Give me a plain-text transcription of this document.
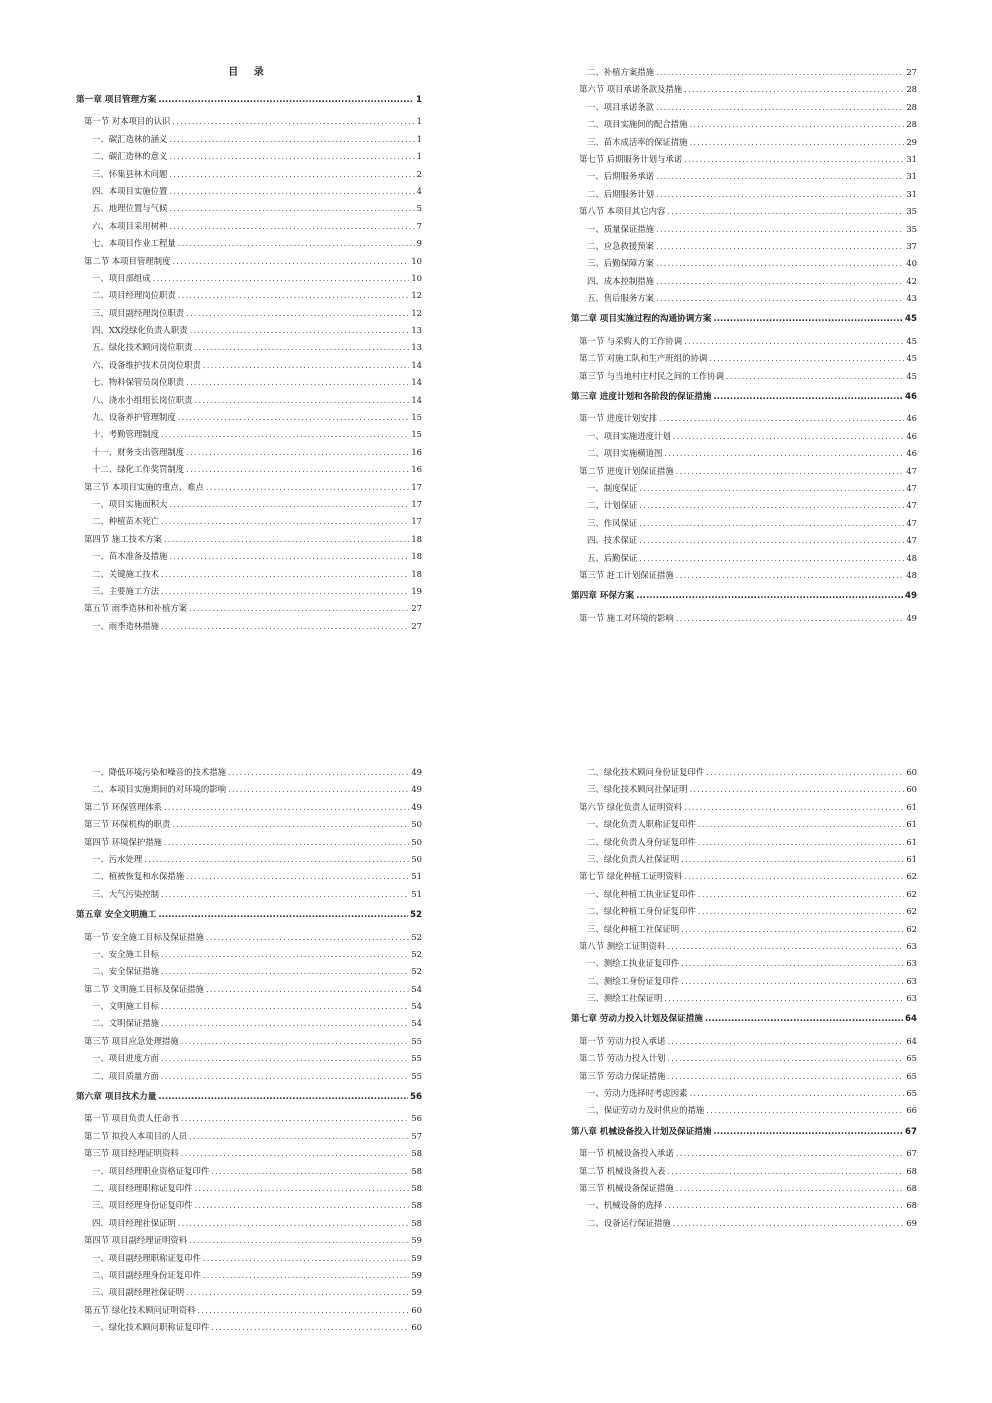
目 录
第一章 项目管理方案 .....	1
第一节 对本项目的认识 .....	1
一、碳汇造林的涵义 .....	1
二、碳汇造林的意义 .....	1
三、怀集县林木问题 .....	2
四、本项目实施位置 .....	4
五、地理位置与气候 .....	5
六、本项目采用树种 .....	7
七、本项目作业工程量 .....	9
第二节 本项目管理制度 .....	10
一、项目部组成 .....	10
二、项目经理岗位职责 .....	12
三、项目副经理岗位职责 .....	12
四、XX段绿化负责人职责 .....	13
五、绿化技术顾问岗位职责 .....	13
六、设备维护技术员岗位职责 .....	14
七、物料保管员岗位职责 .....	14
八、浇水小组组长岗位职责 .....	14
九、设备养护管理制度 .....	15
十、考勤管理制度 .....	15
十一、财务支出管理制度 .....	16
十二、绿化工作奖罚制度 .....	16
第三节 本项目实施的重点、难点 .....	17
一、项目实施面积大 .....	17
二、种植苗木死亡 .....	17
第四节 施工技术方案 .....	18
一、苗木准备及措施 .....	18
二、关键施工技术 .....	18
三、主要施工方法 .....	19
第五节 雨季造林和补植方案 .....	27
一、雨季造林措施 .....	27
二、补植方案措施 .....	27
第六节 项目承诺条款及措施 .....	28
一、项目承诺条款 .....	28
二、项目实施间的配合措施 .....	28
三、苗木成活率的保证措施 .....	29
第七节 后期服务计划与承诺 .....	31
一、后期服务承诺 .....	31
二、后期服务计划 .....	31
第八节 本项目其它内容 .....	35
一、质量保证措施 .....	35
二、应急救援预案 .....	37
三、后勤保障方案 .....	40
四、成本控制措施 .....	42
五、售后服务方案 .....	43
第二章 项目实施过程的沟通协调方案 .....	45
第一节 与采购人的工作协调 .....	45
第二节 对施工队和生产班组的协调 .....	45
第三节 与当地村庄村民之间的工作协调 .....	45
第三章 进度计划和各阶段的保证措施 .....	46
第一节 进度计划安排 .....	46
一、项目实施进度计划 .....	46
二、项目实施横道图 .....	46
第二节 进度计划保证措施 .....	47
一、制度保证 .....	47
二、计划保证 .....	47
三、作风保证 .....	47
四、技术保证 .....	47
五、后勤保证 .....	48
第三节 赶工计划保证措施 .....	48
第四章 环保方案 .....	49
第一节 施工对环境的影响 .....	49
一、降低环境污染和噪音的技术措施 .....	49
二、本项目实施期间的对环境的影响 .....	49
第二节 环保管理体系 .....	49
第三节 环保机构的职责 .....	50
第四节 环境保护措施 .....	50
一、污水处理 .....	50
二、植被恢复和水保措施 .....	51
三、大气污染控制 .....	51
第五章 安全文明施工 .....	52
第一节 安全施工目标及保证措施 .....	52
一、安全施工目标 .....	52
二、安全保证措施 .....	52
第二节 文明施工目标及保证措施 .....	54
一、文明施工目标 .....	54
二、文明保证措施 .....	54
第三节 项目应急处理措施 .....	55
一、项目进度方面 .....	55
二、项目质量方面 .....	55
第六章 项目技术力量 .....	56
第一节 项目负责人任命书 .....	56
第二节 拟投入本项目的人员 .....	57
第三节 项目经理证明资料 .....	58
一、项目经理职业资格证复印件 .....	58
二、项目经理职称证复印件 .....	58
三、项目经理身份证复印件 .....	58
四、项目经理社保证明 .....	58
第四节 项目副经理证明资料 .....	59
一、项目副经理职称证复印件 .....	59
二、项目副经理身份证复印件 .....	59
三、项目副经理社保证明 .....	59
第五节 绿化技术顾问证明资料 .....	60
一、绿化技术顾问职称证复印件 .....	60
二、绿化技术顾问身份证复印件 .....	60
三、绿化技术顾问社保证明 .....	60
第六节 绿化负责人证明资料 .....	61
一、绿化负责人职称证复印件 .....	61
二、绿化负责人身份证复印件 .....	61
三、绿化负责人社保证明 .....	61
第七节 绿化种植工证明资料 .....	62
一、绿化种植工执业证复印件 .....	62
二、绿化种植工身份证复印件 .....	62
三、绿化种植工社保证明 .....	62
第八节 测绘工证明资料 .....	63
一、测绘工执业证复印件 .....	63
二、测绘工身份证复印件 .....	63
三、测绘工社保证明 .....	63
第七章 劳动力投入计划及保证措施 .....	64
第一节 劳动力投入承诺 .....	64
第二节 劳动力投入计划 .....	65
第三节 劳动力保证措施 .....	65
一、劳动力选择时考虑因素 .....	65
二、保证劳动力及时供应的措施 .....	66
第八章 机械设备投入计划及保证措施 .....	67
第一节 机械设备投入承诺 .....	67
第二节 机械设备投入表 .....	68
第三节 机械设备保证措施 .....	68
一、机械设备的选择 .....	68
二、设备运行保证措施 .....	69
